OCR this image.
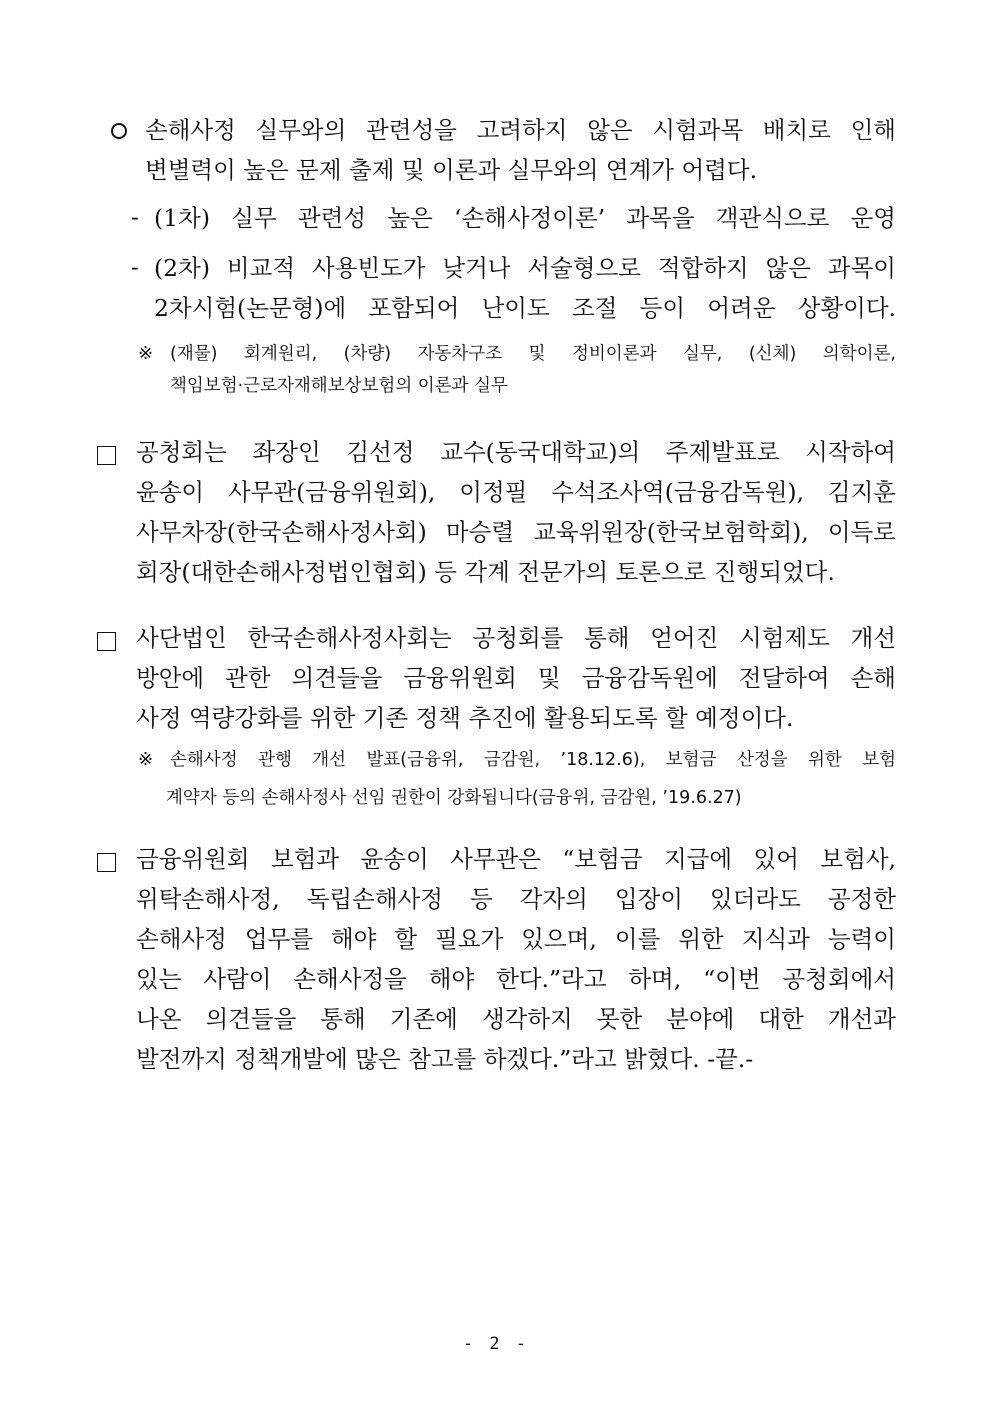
손해사정 실무와의 관련성을 고려하지 않은 시험과목 배치로 인해
변별력이 높은 문제 출제 및 이론과 실무와의 연계가 어렵다.
- (1차) 실무 관련성 높은 ‘손해사정이론’ 과목을 객관식으로 운영
- (2차) 비교적 사용빈도가 낮거나 서술형으로 적합하지 않은 과목이
2차시험(논문형)에 포함되어 난이도 조절 등이 어려운 상황이다.
※ (재물) 회계원리, (차량) 자동차구조 및 정비이론과 실무, (신체) 의학이론,
책임보험·근로자재해보상보험의 이론과 실무
공청회는 좌장인 김선정 교수(동국대학교)의 주제발표로 시작하여
윤송이 사무관(금융위원회), 이정필 수석조사역(금융감독원), 김지훈
사무차장(한국손해사정사회) 마승렬 교육위원장(한국보험학회), 이득로
회장(대한손해사정법인협회) 등 각계 전문가의 토론으로 진행되었다.
사단법인 한국손해사정사회는 공청회를 통해 얻어진 시험제도 개선
방안에 관한 의견들을 금융위원회 및 금융감독원에 전달하여 손해
사정 역량강화를 위한 기존 정책 추진에 활용되도록 할 예정이다.
※ 손해사정 관행 개선 발표(금융위, 금감원, ’18.12.6), 보험금 산정을 위한 보험
계약자 등의 손해사정사 선임 권한이 강화됩니다(금융위, 금감원, ’19.6.27)
금융위원회 보험과 윤송이 사무관은 “보험금 지급에 있어 보험사,
위탁손해사정, 독립손해사정 등 각자의 입장이 있더라도 공정한
손해사정 업무를 해야 할 필요가 있으며, 이를 위한 지식과 능력이
있는 사람이 손해사정을 해야 한다.”라고 하며, “이번 공청회에서
나온 의견들을 통해 기존에 생각하지 못한 분야에 대한 개선과
발전까지 정책개발에 많은 참고를 하겠다.”라고 밝혔다. -끝.-
- 2 -
